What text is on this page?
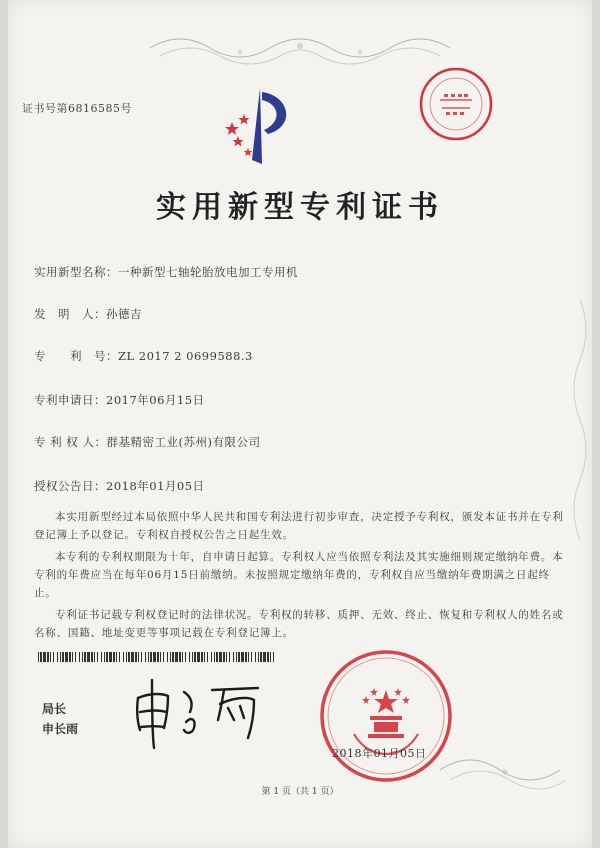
证书号第6816585号
实用新型专利证书
实用新型名称：一种新型七轴轮胎放电加工专用机
发　明　人：孙德吉
专　　利　号：ZL 2017 2 0699588.3
专利申请日：2017年06月15日
专 利 权 人：群基精密工业(苏州)有限公司
授权公告日：2018年01月05日

本实用新型经过本局依照中华人民共和国专利法进行初步审查，决定授予专利权，颁发本证书并在专利登记簿上予以登记。专利权自授权公告之日起生效。

本专利的专利权期限为十年，自申请日起算。专利权人应当依照专利法及其实施细则规定缴纳年费。本专利的年费应当在每年06月15日前缴纳。未按照规定缴纳年费的，专利权自应当缴纳年费期满之日起终止。

专利证书记载专利权登记时的法律状况。专利权的转移、质押、无效、终止、恢复和专利权人的姓名或名称、国籍、地址变更等事项记载在专利登记簿上。

局长
申长雨
2018年01月05日
第 1 页（共 1 页）
